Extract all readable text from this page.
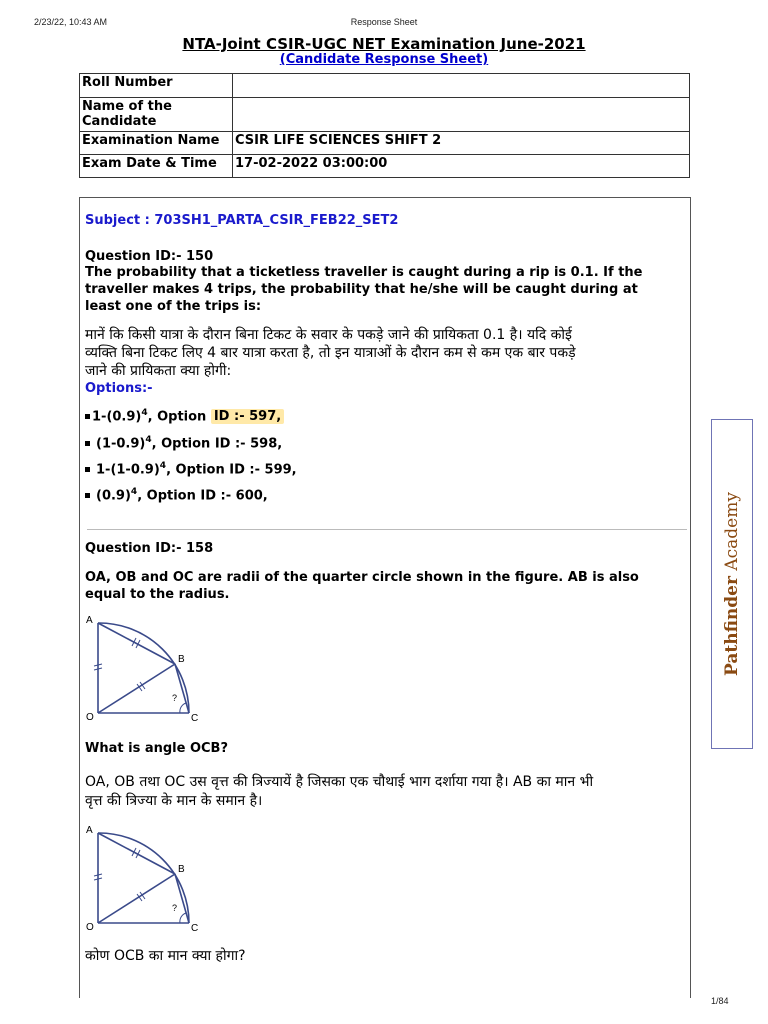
2/23/22, 10:43 AM	Response Sheet
NTA-Joint CSIR-UGC NET Examination June-2021
(Candidate Response Sheet)
Roll Number	
Name of the Candidate	
Examination Name	CSIR LIFE SCIENCES SHIFT 2
Exam Date & Time	17-02-2022 03:00:00
Subject : 703SH1_PARTA_CSIR_FEB22_SET2
Question ID:- 150
The probability that a ticketless traveller is caught during a rip is 0.1. If the
traveller makes 4 trips, the probability that he/she will be caught during at
least one of the trips is:
मानें कि किसी यात्रा के दौरान बिना टिकट के सवार के पकड़े जाने की प्रायिकता 0.1 है। यदि कोई
व्यक्ति बिना टिकट लिए 4 बार यात्रा करता है, तो इन यात्राओं के दौरान कम से कम एक बार पकड़े
जाने की प्रायिकता क्या होगी:
Options:-
$1-(0.9)^4$, Option ID :- 597,
$(1-0.9)^4$, Option ID :- 598,
$1-(1-0.9)^4$, Option ID :- 599,
$(0.9)^4$, Option ID :- 600,
Question ID:- 158
OA, OB and OC are radii of the quarter circle shown in the figure. AB is also
equal to the radius.
A
B
O	C
?
What is angle OCB?
OA, OB तथा OC उस वृत्त की त्रिज्यायें है जिसका एक चौथाई भाग दर्शाया गया है। AB का मान भी
वृत्त की त्रिज्या के मान के समान है।
A
B
O	C
?
कोण OCB का मान क्या होगा?
Pathfinder Academy
1/84
